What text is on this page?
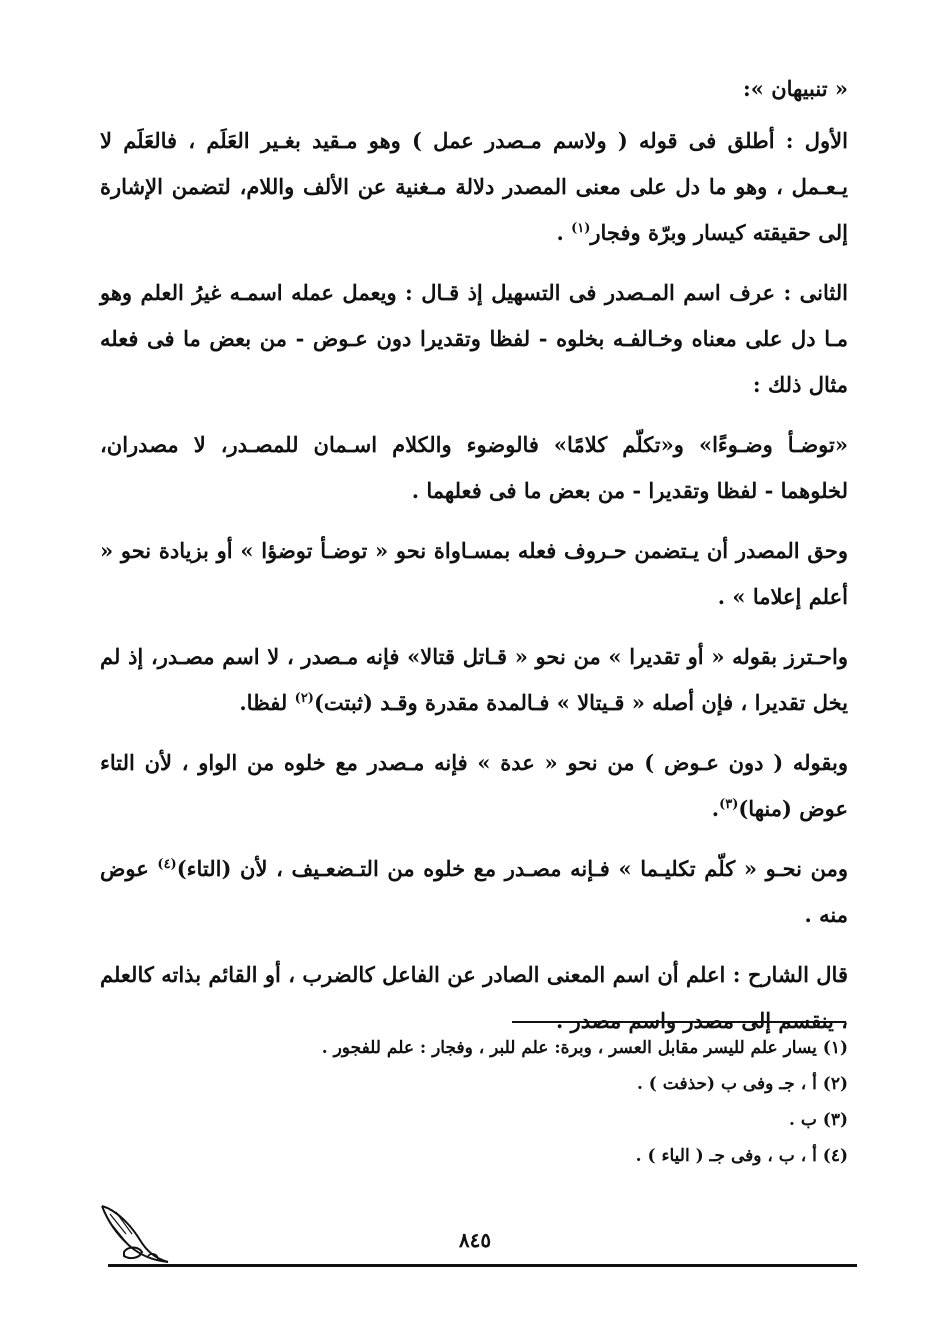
« تنبيهان »:

الأول : أطلق فى قوله ( ولاسم مـصدر عمل ) وهو مـقيد بغـير العَلَم ، فالعَلَم لا يـعـمل ، وهو ما دل على معنى المصدر دلالة مـغنية عن الألف واللام، لتضمن الإشارة إلى حقيقته كيسار وبرّة وفجار$^{(١)}$ .

الثانى : عرف اسم المـصدر فى التسهيل إذ قـال : ويعمل عمله اسمـه غيرُ العلم وهو مـا دل على معناه وخـالفـه بخلوه - لفظا وتقديرا دون عـوض - من بعض ما فى فعله مثال ذلك :

«توضـأ وضـوءًا» و«تكلّم كلامًا» فالوضوء والكلام اسـمان للمصـدر، لا مصدران، لخلوهما - لفظا وتقديرا - من بعض ما فى فعلهما .

وحق المصدر أن يـتضمن حـروف فعله بمسـاواة نحو « توضـأ توضؤا » أو بزيادة نحو « أعلم إعلاما » .

واحـترز بقوله « أو تقديرا » من نحو « قـاتل قتالا» فإنه مـصدر ، لا اسم مصـدر، إذ لم يخل تقديرا ، فإن أصله « قـيتالا » فـالمدة مقدرة وقـد (ثبتت)$^{(٢)}$ لفظا.

وبقوله ( دون عـوض ) من نحو « عدة » فإنه مـصدر مع خلوه من الواو ، لأن التاء عوض (منها)$^{(٣)}$.

ومن نحـو « كلّم تكليـما » فـإنه مصـدر مع خلوه من التـضعـيف ، لأن (التاء)$^{(٤)}$ عوض منه .

قال الشارح : اعلم أن اسم المعنى الصادر عن الفاعل كالضرب ، أو القائم بذاته كالعلم ، ينقسم إلى مصدر واسم مصدر .

(١) يسار علم لليسر مقابل العسر ، وبرة: علم للبر ، وفجار : علم للفجور .

(٢) أ ، جـ وفى ب (حذفت ) .

(٣) ب .

(٤) أ ، ب ، وفى جـ ( الياء ) .

٨٤٥
